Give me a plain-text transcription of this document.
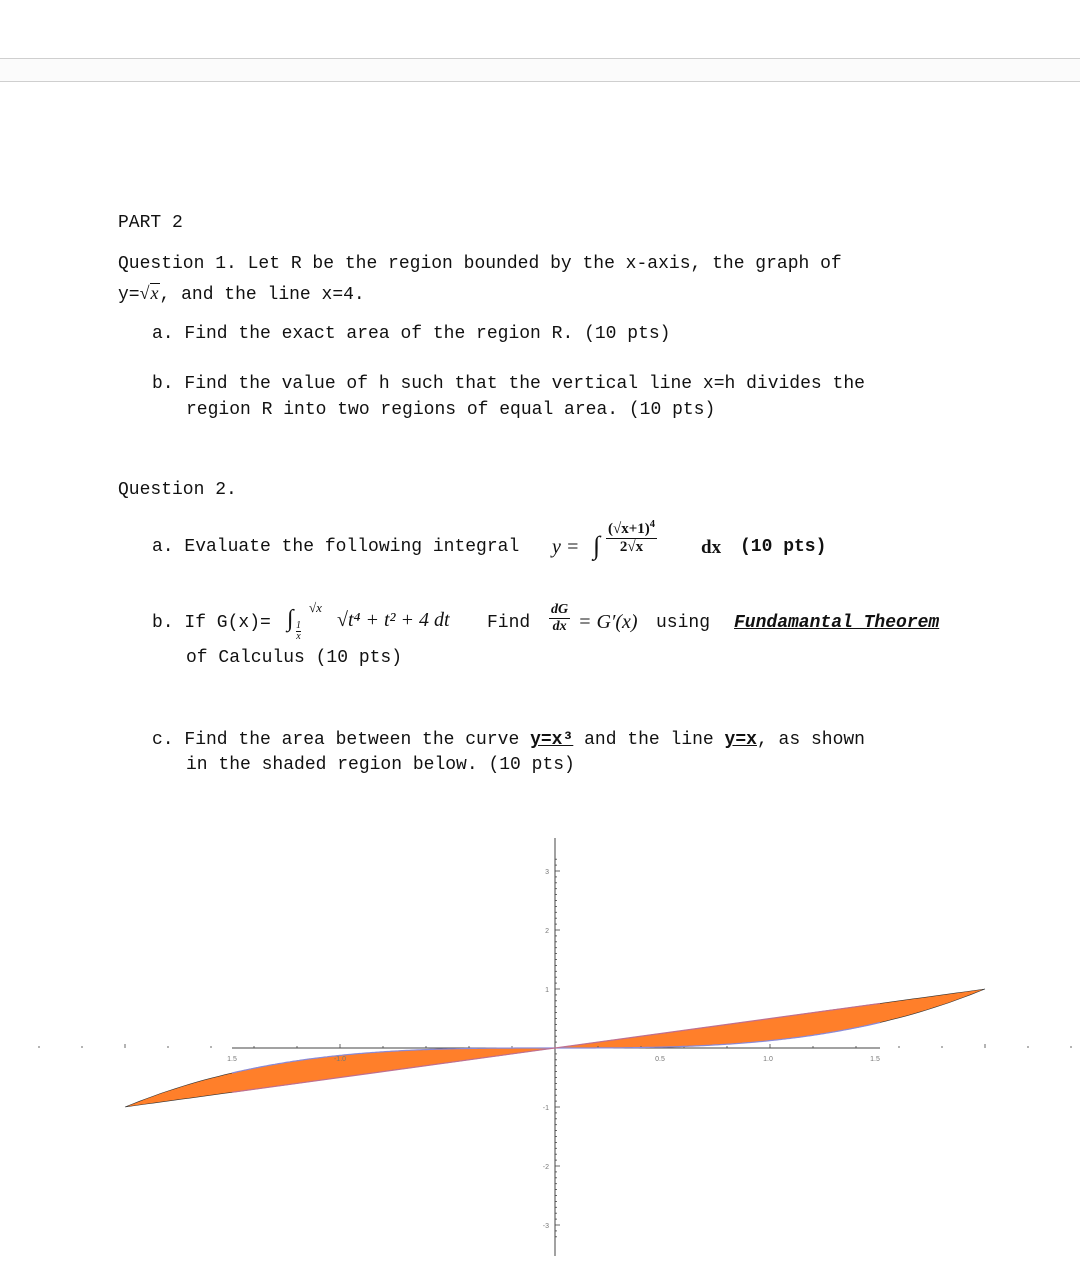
PART 2
Question 1. Let R be the region bounded by the x-axis, the graph of
y=√x, and the line x=4.
a. Find the exact area of the region R. (10 pts)
b. Find the value of h such that the vertical line x=h divides the
region R into two regions of equal area. (10 pts)
Question 2.
a. Evaluate the following integral y = ∫ $\frac{(√x+1)^4}{2√x}$ dx (10 pts)
b. If G(x)= ∫ √x
$\frac{1}{x}$
√t⁴ + t² + 4 dt Find $\frac{dG}{dx} = G'(x)$ using Fundamantal Theorem
of Calculus (10 pts)
c. Find the area between the curve y=x³ and the line y=x, as shown
in the shaded region below. (10 pts)
1.5	-1.0	0.5	1.0	1.5
3
2
1
-1
-2
-3
